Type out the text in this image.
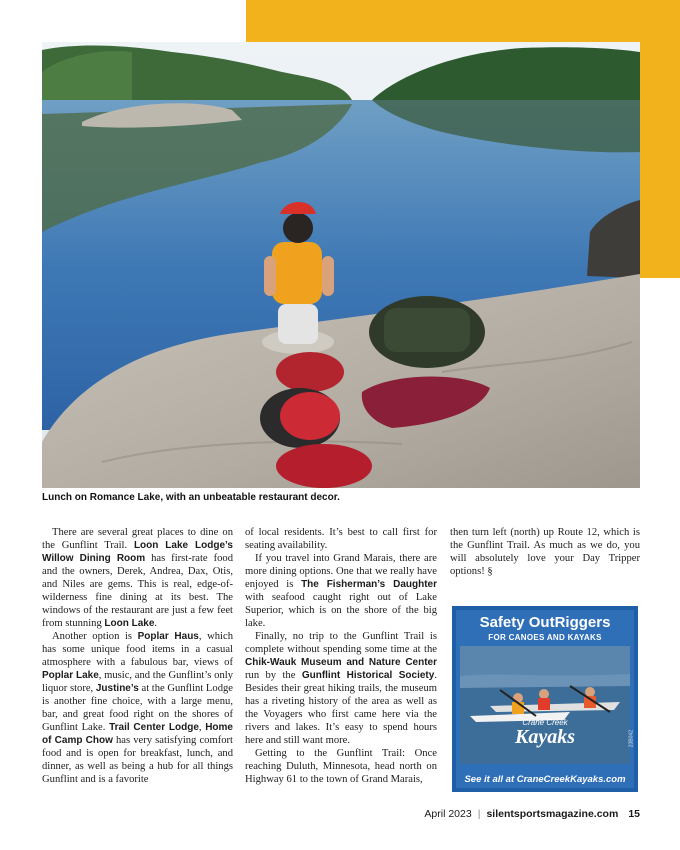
Lunch on Romance Lake, with an unbeatable restaurant decor.

There are several great places to dine on the Gunflint Trail. Loon Lake Lodge’s Willow Dining Room has first-rate food and the owners, Derek, Andrea, Dax, Otis, and Niles are gems. This is real, edge-of-wilderness fine dining at its best. The windows of the restaurant are just a few feet from stunning Loon Lake.

Another option is Poplar Haus, which has some unique food items in a casual atmosphere with a fabulous bar, views of Poplar Lake, music, and the Gunflint’s only liquor store, Justine’s at the Gunflint Lodge is another fine choice, with a large menu, bar, and great food right on the shores of Gunflint Lake. Trail Center Lodge, Home of Camp Chow has very satisfying comfort food and is open for breakfast, lunch, and dinner, as well as being a hub for all things Gunflint and is a favorite

of local residents. It’s best to call first for seating availability.

If you travel into Grand Marais, there are more dining options. One that we really have enjoyed is The Fisherman’s Daughter with seafood caught right out of Lake Superior, which is on the shore of the big lake.

Finally, no trip to the Gunflint Trail is complete without spending some time at the Chik-Wauk Museum and Nature Center run by the Gunflint Historical Society. Besides their great hiking trails, the museum has a riveting history of the area as well as the Voyagers who first came here via the rivers and lakes. It’s easy to spend hours here and still want more.

Getting to the Gunflint Trail: Once reaching Duluth, Minnesota, head north on Highway 61 to the town of Grand Marais,

then turn left (north) up Route 12, which is the Gunflint Trail. As much as we do, you will absolutely love your Day Tripper options! §

Safety OutRiggers
FOR CANOES AND KAYAKS
Crane Creek
Kayaks	23B042
See it all at CraneCreekKayaks.com
April 2023 | silentsportsmagazine.com 15
